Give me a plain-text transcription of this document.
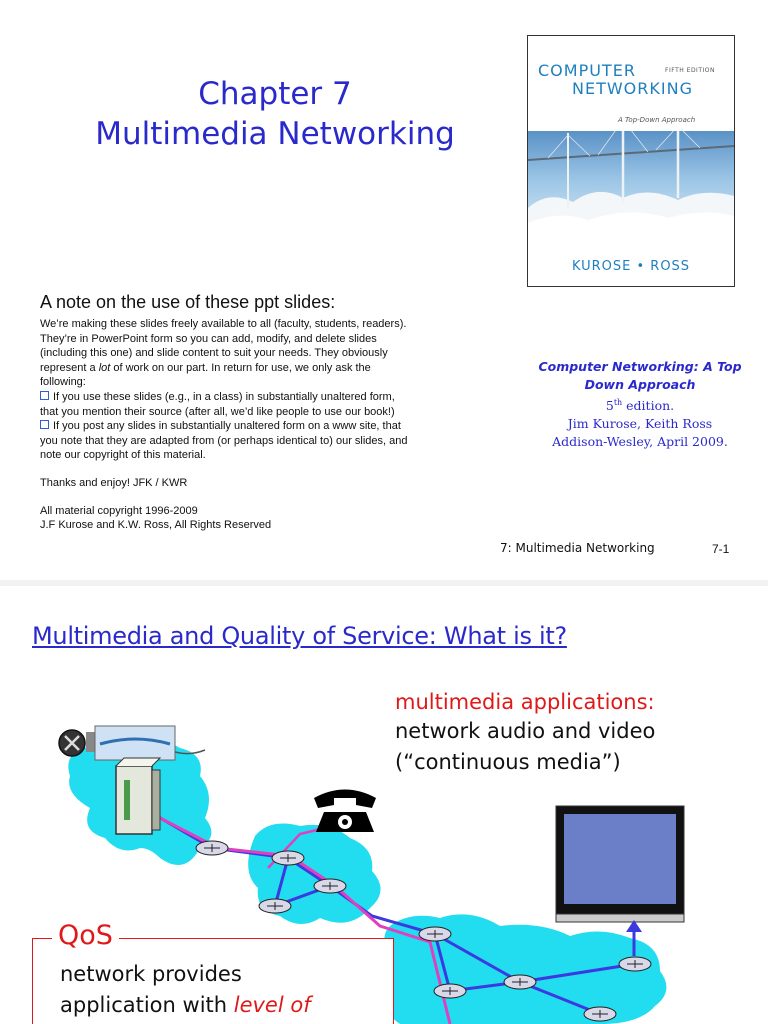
Chapter 7
Multimedia Networking
COMPUTER	FIFTH EDITION
NETWORKING
A Top-Down Approach
KUROSE • ROSS
A note on the use of these ppt slides:
We’re making these slides freely available to all (faculty, students, readers).
They’re in PowerPoint form so you can add, modify, and delete slides
(including this one) and slide content to suit your needs. They obviously
represent a lot of work on our part. In return for use, we only ask the
following:
If you use these slides (e.g., in a class) in substantially unaltered form,
that you mention their source (after all, we’d like people to use our book!)
If you post any slides in substantially unaltered form on a www site, that
you note that they are adapted from (or perhaps identical to) our slides, and
note our copyright of this material.
Thanks and enjoy! JFK / KWR
All material copyright 1996-2009
J.F Kurose and K.W. Ross, All Rights Reserved
Computer Networking: A Top
Down Approach
5th edition.
Jim Kurose, Keith Ross
Addison-Wesley, April 2009.
7: Multimedia Networking	7-1
Multimedia and Quality of Service: What is it?
multimedia applications:
network audio and video
(“continuous media”)
QoS
network provides
application with level of
